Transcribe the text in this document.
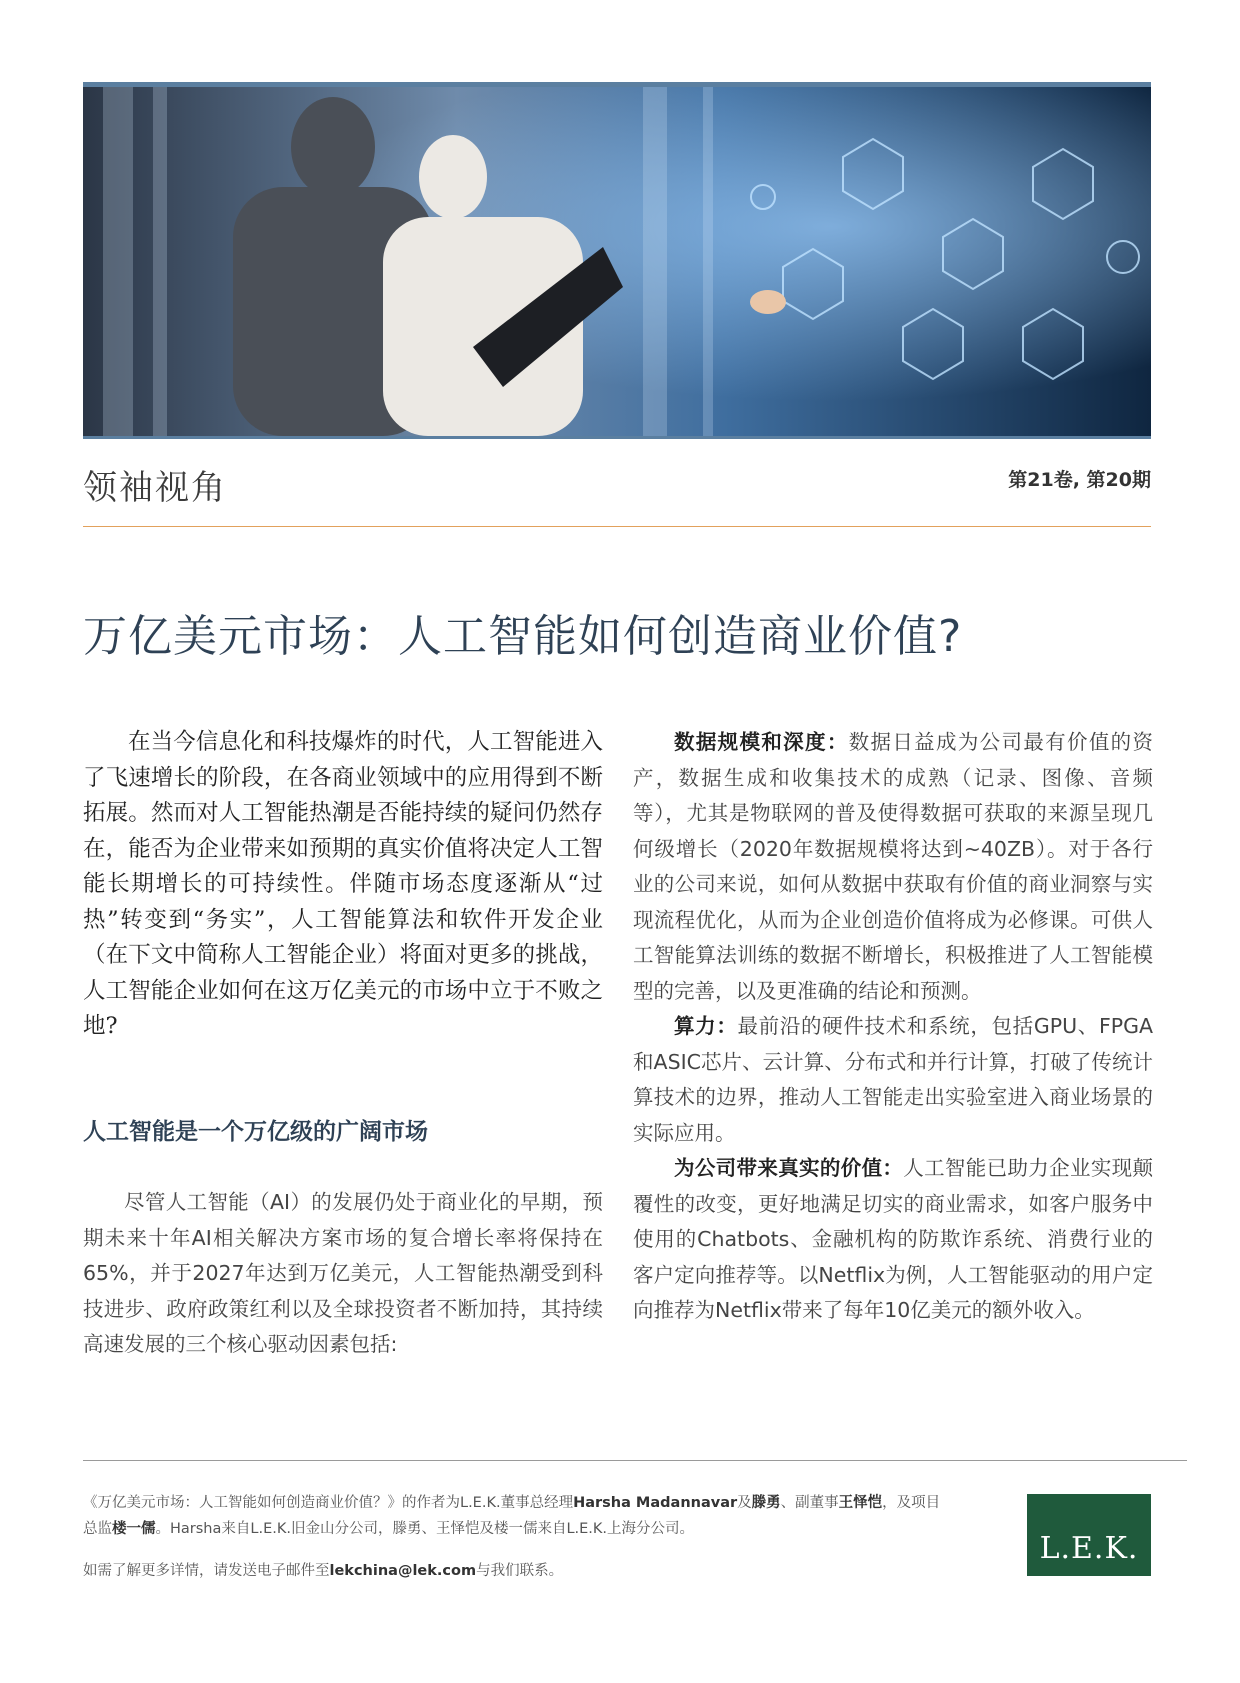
领袖视角	第21卷, 第20期
万亿美元市场：人工智能如何创造商业价值?

在当今信息化和科技爆炸的时代，人工智能进入了飞速增长的阶段，在各商业领域中的应用得到不断拓展。然而对人工智能热潮是否能持续的疑问仍然存在，能否为企业带来如预期的真实价值将决定人工智能长期增长的可持续性。伴随市场态度逐渐从“过热”转变到“务实”，人工智能算法和软件开发企业（在下文中简称人工智能企业）将面对更多的挑战，人工智能企业如何在这万亿美元的市场中立于不败之地?

人工智能是一个万亿级的广阔市场

尽管人工智能（AI）的发展仍处于商业化的早期，预期未来十年AI相关解决方案市场的复合增长率将保持在65%，并于2027年达到万亿美元，人工智能热潮受到科技进步、政府政策红利以及全球投资者不断加持，其持续高速发展的三个核心驱动因素包括:

数据规模和深度：数据日益成为公司最有价值的资产，数据生成和收集技术的成熟（记录、图像、音频等），尤其是物联网的普及使得数据可获取的来源呈现几何级增长（2020年数据规模将达到~40ZB）。对于各行业的公司来说，如何从数据中获取有价值的商业洞察与实现流程优化，从而为企业创造价值将成为必修课。可供人工智能算法训练的数据不断增长，积极推进了人工智能模型的完善，以及更准确的结论和预测。

算力：最前沿的硬件技术和系统，包括GPU、FPGA和ASIC芯片、云计算、分布式和并行计算，打破了传统计算技术的边界，推动人工智能走出实验室进入商业场景的实际应用。

为公司带来真实的价值：人工智能已助力企业实现颠覆性的改变，更好地满足切实的商业需求，如客户服务中使用的Chatbots、金融机构的防欺诈系统、消费行业的客户定向推荐等。以Netflix为例，人工智能驱动的用户定向推荐为Netflix带来了每年10亿美元的额外收入。

《万亿美元市场：人工智能如何创造商业价值？》的作者为L.E.K.董事总经理Harsha Madannavar及滕勇、副董事王怿恺，及项目总监楼一儒。Harsha来自L.E.K.旧金山分公司，滕勇、王怿恺及楼一儒来自L.E.K.上海分公司。
如需了解更多详情，请发送电子邮件至lekchina@lek.com与我们联系。
L.E.K.
